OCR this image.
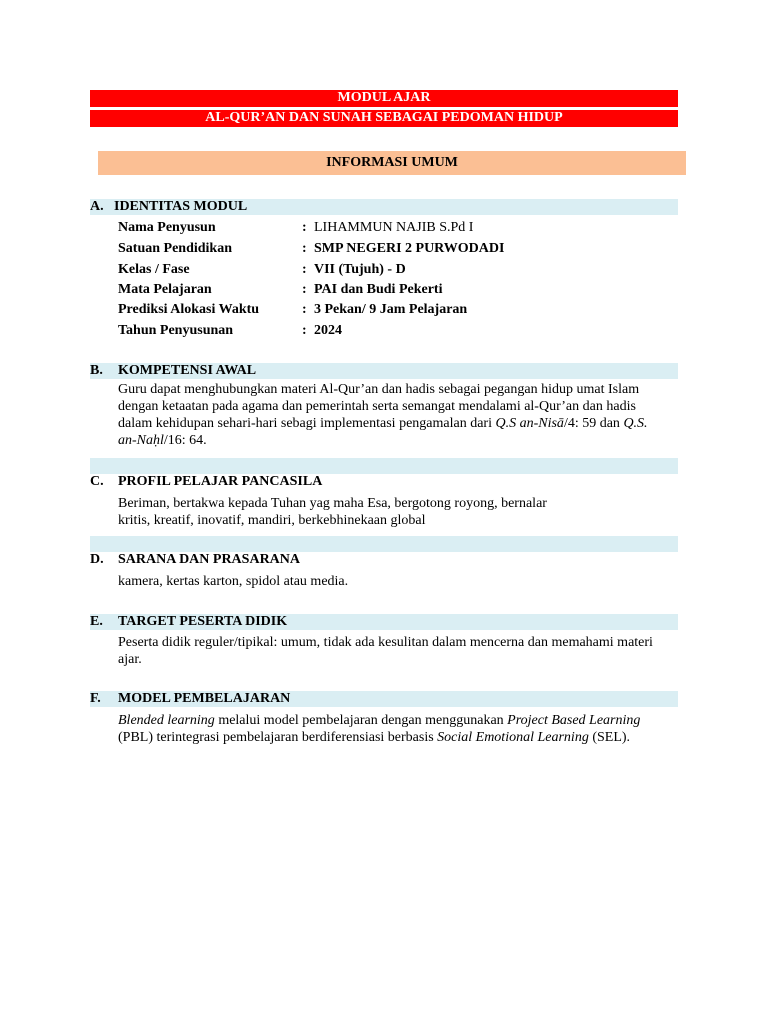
MODUL AJAR
AL-QUR’AN DAN SUNAH SEBAGAI PEDOMAN HIDUP
INFORMASI UMUM
A. IDENTITAS MODUL
Nama Penyusun	: LIHAMMUN NAJIB S.Pd I
Satuan Pendidikan	: SMP NEGERI 2 PURWODADI
Kelas / Fase	: VII (Tujuh) - D
Mata Pelajaran	: PAI dan Budi Pekerti
Prediksi Alokasi Waktu	: 3 Pekan/ 9 Jam Pelajaran
Tahun Penyusunan	: 2024
B. KOMPETENSI AWAL
Guru dapat menghubungkan materi Al-Qur’an dan hadis sebagai pegangan hidup umat Islam dengan ketaatan pada agama dan pemerintah serta semangat mendalami al-Qur’an dan hadis dalam kehidupan sehari-hari sebagi implementasi pengamalan dari Q.S an-Nisā/4: 59 dan Q.S. an-Naḥl/16: 64.
C. PROFIL PELAJAR PANCASILA
Beriman, bertakwa kepada Tuhan yag maha Esa, bergotong royong, bernalar
kritis, kreatif, inovatif, mandiri, berkebhinekaan global
D. SARANA DAN PRASARANA
kamera, kertas karton, spidol atau media.
E. TARGET PESERTA DIDIK
Peserta didik reguler/tipikal: umum, tidak ada kesulitan dalam mencerna dan memahami materi ajar.
F. MODEL PEMBELAJARAN
Blended learning melalui model pembelajaran dengan menggunakan Project Based Learning (PBL) terintegrasi pembelajaran berdiferensiasi berbasis Social Emotional Learning (SEL).
